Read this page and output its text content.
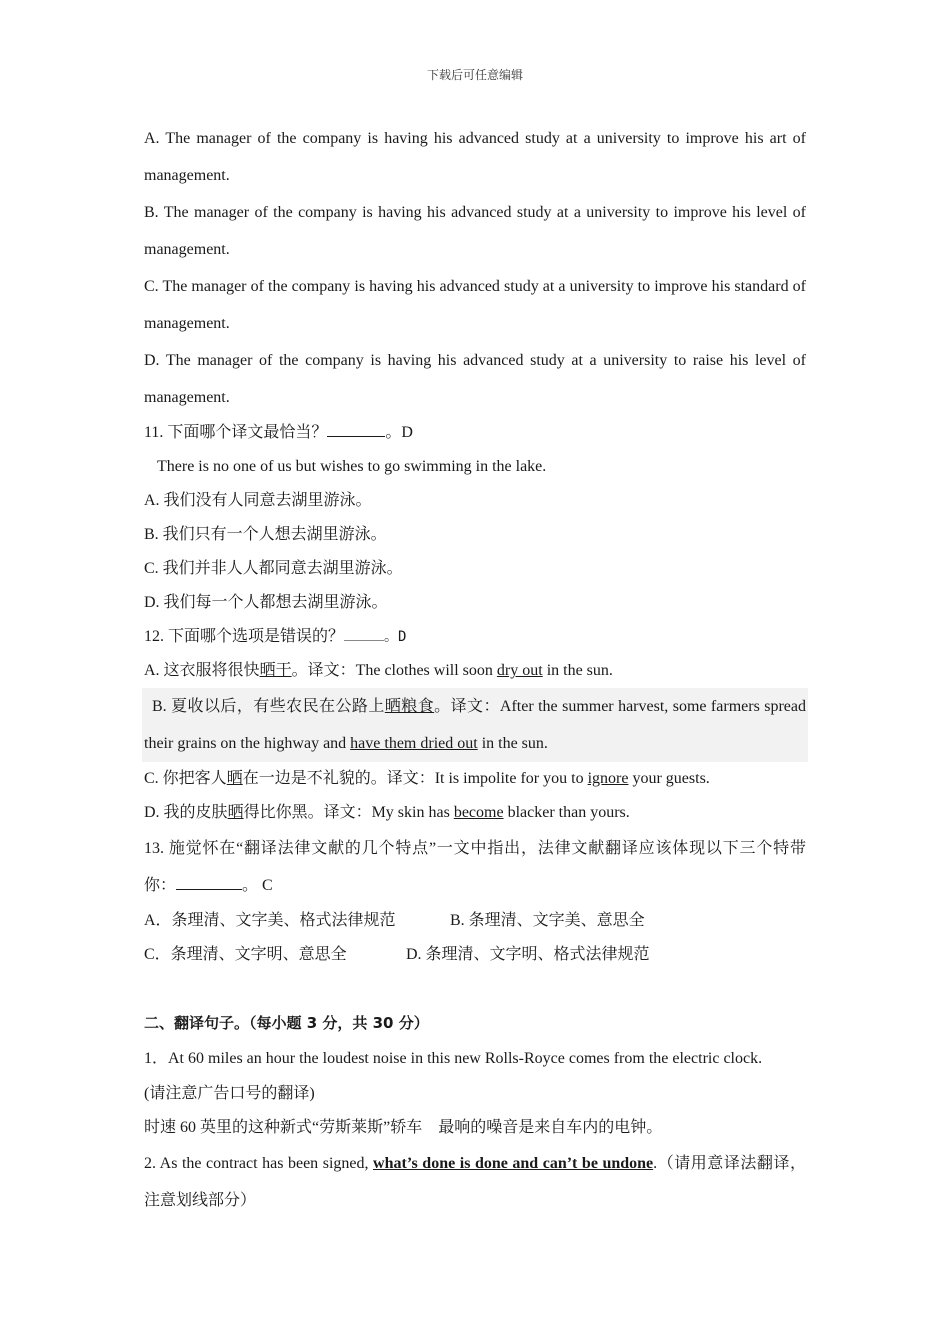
下载后可任意编辑

A. The manager of the company is having his advanced study at a university to improve his art of management.

B. The manager of the company is having his advanced study at a university to improve his level of management.

C. The manager of the company is having his advanced study at a university to improve his standard of management.

D. The manager of the company is having his advanced study at a university to raise his level of management.

11. 下面哪个译文最恰当？	。D

There is no one of us but wishes to go swimming in the lake.

A. 我们没有人同意去湖里游泳。

B. 我们只有一个人想去湖里游泳。

C. 我们并非人人都同意去湖里游泳。

D. 我们每一个人都想去湖里游泳。

12. 下面哪个选项是错误的？	。D

A. 这衣服将很快晒干。译文：The clothes will soon dry out in the sun.

B. 夏收以后，有些农民在公路上晒粮食。译文：After the summer harvest, some farmers spread their grains on the highway and have them dried out in the sun.

C. 你把客人晒在一边是不礼貌的。译文：It is impolite for you to ignore your guests.

D. 我的皮肤晒得比你黑。译文：My skin has become blacker than yours.

13. 施觉怀在“翻译法律文献的几个特点”一文中指出，法律文献翻译应该体现以下三个特带你：	。 C

A．条理清、文字美、格式法律规范	B. 条理清、文字美、意思全

C．条理清、文字明、意思全	D. 条理清、文字明、格式法律规范

二、翻译句子。（每小题 3 分，共 30 分）

1．At 60 miles an hour the loudest noise in this new Rolls-Royce comes from the electric clock.

(请注意广告口号的翻译)

时速 60 英里的这种新式“劳斯莱斯”轿车　最响的噪音是来自车内的电钟。

2. As the contract has been signed, what’s done is done and can’t be undone.（请用意译法翻译，注意划线部分）
